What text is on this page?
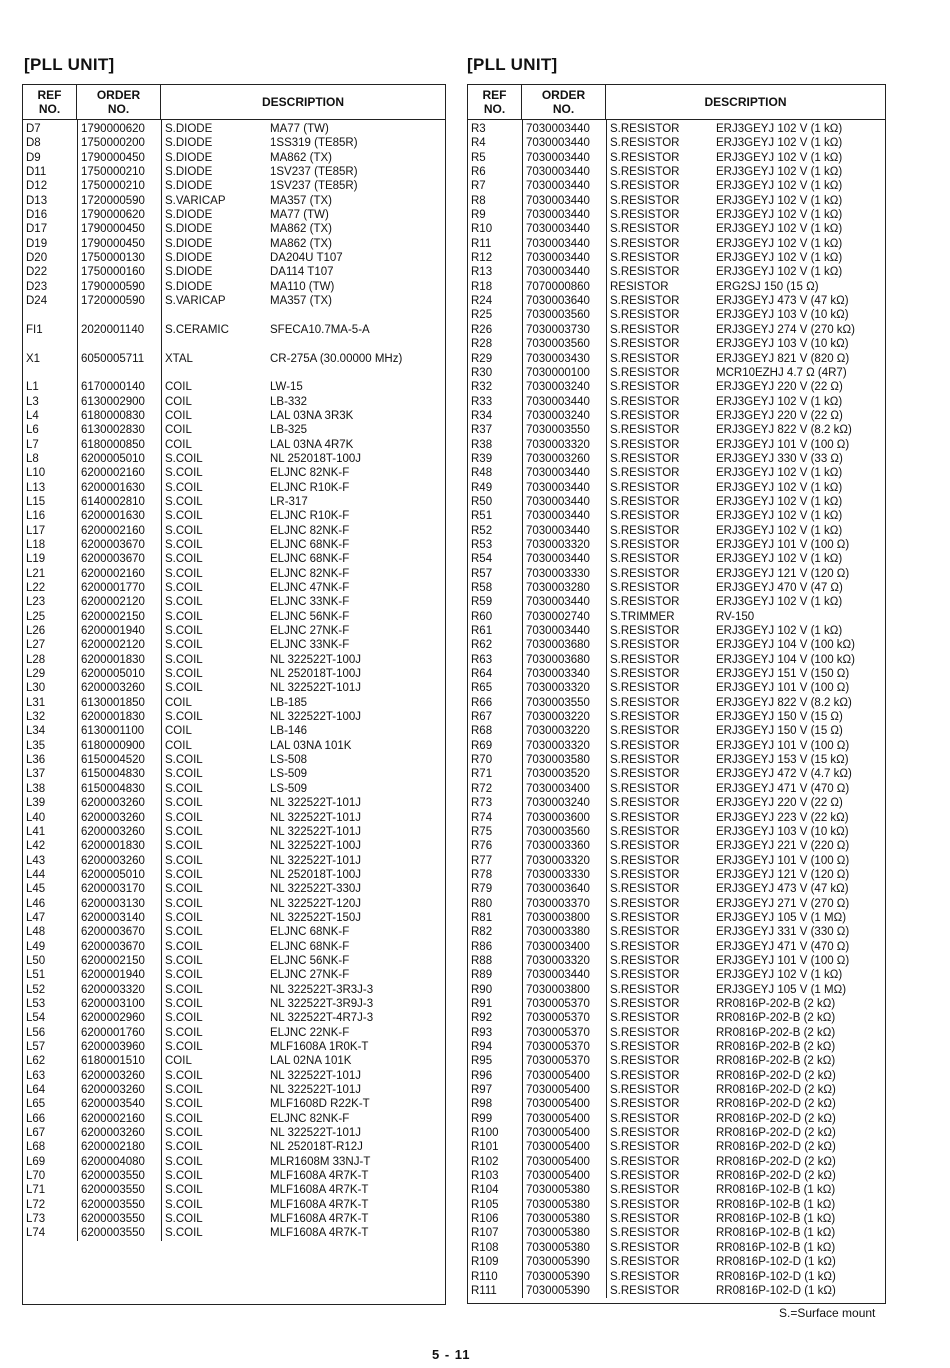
[PLL UNIT]	[PLL UNIT]
REF
NO.
ORDER
NO.	DESCRIPTION
D7	1790000620	S.DIODE	MA77 (TW)
D8	1750000200	S.DIODE	1SS319 (TE85R)
D9	1790000450	S.DIODE	MA862 (TX)
D11	1750000210	S.DIODE	1SV237 (TE85R)
D12	1750000210	S.DIODE	1SV237 (TE85R)
D13	1720000590	S.VARICAP	MA357 (TX)
D16	1790000620	S.DIODE	MA77 (TW)
D17	1790000450	S.DIODE	MA862 (TX)
D19	1790000450	S.DIODE	MA862 (TX)
D20	1750000130	S.DIODE	DA204U T107
D22	1750000160	S.DIODE	DA114 T107
D23	1790000590	S.DIODE	MA110 (TW)
D24	1720000590	S.VARICAP	MA357 (TX)
FI1	2020001140	S.CERAMIC	SFECA10.7MA-5-A
X1	6050005711	XTAL	CR-275A (30.00000 MHz)
L1	6170000140	COIL	LW-15
L3	6130002900	COIL	LB-332
L4	6180000830	COIL	LAL 03NA 3R3K
L6	6130002830	COIL	LB-325
L7	6180000850	COIL	LAL 03NA 4R7K
L8	6200005010	S.COIL	NL 252018T-100J
L10	6200002160	S.COIL	ELJNC 82NK-F
L13	6200001630	S.COIL	ELJNC R10K-F
L15	6140002810	S.COIL	LR-317
L16	6200001630	S.COIL	ELJNC R10K-F
L17	6200002160	S.COIL	ELJNC 82NK-F
L18	6200003670	S.COIL	ELJNC 68NK-F
L19	6200003670	S.COIL	ELJNC 68NK-F
L21	6200002160	S.COIL	ELJNC 82NK-F
L22	6200001770	S.COIL	ELJNC 47NK-F
L23	6200002120	S.COIL	ELJNC 33NK-F
L25	6200002150	S.COIL	ELJNC 56NK-F
L26	6200001940	S.COIL	ELJNC 27NK-F
L27	6200002120	S.COIL	ELJNC 33NK-F
L28	6200001830	S.COIL	NL 322522T-100J
L29	6200005010	S.COIL	NL 252018T-100J
L30	6200003260	S.COIL	NL 322522T-101J
L31	6130001850	COIL	LB-185
L32	6200001830	S.COIL	NL 322522T-100J
L34	6130001100	COIL	LB-146
L35	6180000900	COIL	LAL 03NA 101K
L36	6150004520	S.COIL	LS-508
L37	6150004830	S.COIL	LS-509
L38	6150004830	S.COIL	LS-509
L39	6200003260	S.COIL	NL 322522T-101J
L40	6200003260	S.COIL	NL 322522T-101J
L41	6200003260	S.COIL	NL 322522T-101J
L42	6200001830	S.COIL	NL 322522T-100J
L43	6200003260	S.COIL	NL 322522T-101J
L44	6200005010	S.COIL	NL 252018T-100J
L45	6200003170	S.COIL	NL 322522T-330J
L46	6200003130	S.COIL	NL 322522T-120J
L47	6200003140	S.COIL	NL 322522T-150J
L48	6200003670	S.COIL	ELJNC 68NK-F
L49	6200003670	S.COIL	ELJNC 68NK-F
L50	6200002150	S.COIL	ELJNC 56NK-F
L51	6200001940	S.COIL	ELJNC 27NK-F
L52	6200003320	S.COIL	NL 322522T-3R3J-3
L53	6200003100	S.COIL	NL 322522T-3R9J-3
L54	6200002960	S.COIL	NL 322522T-4R7J-3
L56	6200001760	S.COIL	ELJNC 22NK-F
L57	6200003960	S.COIL	MLF1608A 1R0K-T
L62	6180001510	COIL	LAL 02NA 101K
L63	6200003260	S.COIL	NL 322522T-101J
L64	6200003260	S.COIL	NL 322522T-101J
L65	6200003540	S.COIL	MLF1608D R22K-T
L66	6200002160	S.COIL	ELJNC 82NK-F
L67	6200003260	S.COIL	NL 322522T-101J
L68	6200002180	S.COIL	NL 252018T-R12J
L69	6200004080	S.COIL	MLR1608M 33NJ-T
L70	6200003550	S.COIL	MLF1608A 4R7K-T
L71	6200003550	S.COIL	MLF1608A 4R7K-T
L72	6200003550	S.COIL	MLF1608A 4R7K-T
L73	6200003550	S.COIL	MLF1608A 4R7K-T
L74	6200003550	S.COIL	MLF1608A 4R7K-T
REF
NO.
ORDER
NO.	DESCRIPTION
R3	7030003440	S.RESISTOR	ERJ3GEYJ 102 V (1 kΩ)
R4	7030003440	S.RESISTOR	ERJ3GEYJ 102 V (1 kΩ)
R5	7030003440	S.RESISTOR	ERJ3GEYJ 102 V (1 kΩ)
R6	7030003440	S.RESISTOR	ERJ3GEYJ 102 V (1 kΩ)
R7	7030003440	S.RESISTOR	ERJ3GEYJ 102 V (1 kΩ)
R8	7030003440	S.RESISTOR	ERJ3GEYJ 102 V (1 kΩ)
R9	7030003440	S.RESISTOR	ERJ3GEYJ 102 V (1 kΩ)
R10	7030003440	S.RESISTOR	ERJ3GEYJ 102 V (1 kΩ)
R11	7030003440	S.RESISTOR	ERJ3GEYJ 102 V (1 kΩ)
R12	7030003440	S.RESISTOR	ERJ3GEYJ 102 V (1 kΩ)
R13	7030003440	S.RESISTOR	ERJ3GEYJ 102 V (1 kΩ)
R18	7070000860	RESISTOR	ERG2SJ 150 (15 Ω)
R24	7030003640	S.RESISTOR	ERJ3GEYJ 473 V (47 kΩ)
R25	7030003560	S.RESISTOR	ERJ3GEYJ 103 V (10 kΩ)
R26	7030003730	S.RESISTOR	ERJ3GEYJ 274 V (270 kΩ)
R28	7030003560	S.RESISTOR	ERJ3GEYJ 103 V (10 kΩ)
R29	7030003430	S.RESISTOR	ERJ3GEYJ 821 V (820 Ω)
R30	7030000100	S.RESISTOR	MCR10EZHJ 4.7 Ω (4R7)
R32	7030003240	S.RESISTOR	ERJ3GEYJ 220 V (22 Ω)
R33	7030003440	S.RESISTOR	ERJ3GEYJ 102 V (1 kΩ)
R34	7030003240	S.RESISTOR	ERJ3GEYJ 220 V (22 Ω)
R37	7030003550	S.RESISTOR	ERJ3GEYJ 822 V (8.2 kΩ)
R38	7030003320	S.RESISTOR	ERJ3GEYJ 101 V (100 Ω)
R39	7030003260	S.RESISTOR	ERJ3GEYJ 330 V (33 Ω)
R48	7030003440	S.RESISTOR	ERJ3GEYJ 102 V (1 kΩ)
R49	7030003440	S.RESISTOR	ERJ3GEYJ 102 V (1 kΩ)
R50	7030003440	S.RESISTOR	ERJ3GEYJ 102 V (1 kΩ)
R51	7030003440	S.RESISTOR	ERJ3GEYJ 102 V (1 kΩ)
R52	7030003440	S.RESISTOR	ERJ3GEYJ 102 V (1 kΩ)
R53	7030003320	S.RESISTOR	ERJ3GEYJ 101 V (100 Ω)
R54	7030003440	S.RESISTOR	ERJ3GEYJ 102 V (1 kΩ)
R57	7030003330	S.RESISTOR	ERJ3GEYJ 121 V (120 Ω)
R58	7030003280	S.RESISTOR	ERJ3GEYJ 470 V (47 Ω)
R59	7030003440	S.RESISTOR	ERJ3GEYJ 102 V (1 kΩ)
R60	7030002740	S.TRIMMER	RV-150
R61	7030003440	S.RESISTOR	ERJ3GEYJ 102 V (1 kΩ)
R62	7030003680	S.RESISTOR	ERJ3GEYJ 104 V (100 kΩ)
R63	7030003680	S.RESISTOR	ERJ3GEYJ 104 V (100 kΩ)
R64	7030003340	S.RESISTOR	ERJ3GEYJ 151 V (150 Ω)
R65	7030003320	S.RESISTOR	ERJ3GEYJ 101 V (100 Ω)
R66	7030003550	S.RESISTOR	ERJ3GEYJ 822 V (8.2 kΩ)
R67	7030003220	S.RESISTOR	ERJ3GEYJ 150 V (15 Ω)
R68	7030003220	S.RESISTOR	ERJ3GEYJ 150 V (15 Ω)
R69	7030003320	S.RESISTOR	ERJ3GEYJ 101 V (100 Ω)
R70	7030003580	S.RESISTOR	ERJ3GEYJ 153 V (15 kΩ)
R71	7030003520	S.RESISTOR	ERJ3GEYJ 472 V (4.7 kΩ)
R72	7030003400	S.RESISTOR	ERJ3GEYJ 471 V (470 Ω)
R73	7030003240	S.RESISTOR	ERJ3GEYJ 220 V (22 Ω)
R74	7030003600	S.RESISTOR	ERJ3GEYJ 223 V (22 kΩ)
R75	7030003560	S.RESISTOR	ERJ3GEYJ 103 V (10 kΩ)
R76	7030003360	S.RESISTOR	ERJ3GEYJ 221 V (220 Ω)
R77	7030003320	S.RESISTOR	ERJ3GEYJ 101 V (100 Ω)
R78	7030003330	S.RESISTOR	ERJ3GEYJ 121 V (120 Ω)
R79	7030003640	S.RESISTOR	ERJ3GEYJ 473 V (47 kΩ)
R80	7030003370	S.RESISTOR	ERJ3GEYJ 271 V (270 Ω)
R81	7030003800	S.RESISTOR	ERJ3GEYJ 105 V (1 MΩ)
R82	7030003380	S.RESISTOR	ERJ3GEYJ 331 V (330 Ω)
R86	7030003400	S.RESISTOR	ERJ3GEYJ 471 V (470 Ω)
R88	7030003320	S.RESISTOR	ERJ3GEYJ 101 V (100 Ω)
R89	7030003440	S.RESISTOR	ERJ3GEYJ 102 V (1 kΩ)
R90	7030003800	S.RESISTOR	ERJ3GEYJ 105 V (1 MΩ)
R91	7030005370	S.RESISTOR	RR0816P-202-B (2 kΩ)
R92	7030005370	S.RESISTOR	RR0816P-202-B (2 kΩ)
R93	7030005370	S.RESISTOR	RR0816P-202-B (2 kΩ)
R94	7030005370	S.RESISTOR	RR0816P-202-B (2 kΩ)
R95	7030005370	S.RESISTOR	RR0816P-202-B (2 kΩ)
R96	7030005400	S.RESISTOR	RR0816P-202-D (2 kΩ)
R97	7030005400	S.RESISTOR	RR0816P-202-D (2 kΩ)
R98	7030005400	S.RESISTOR	RR0816P-202-D (2 kΩ)
R99	7030005400	S.RESISTOR	RR0816P-202-D (2 kΩ)
R100	7030005400	S.RESISTOR	RR0816P-202-D (2 kΩ)
R101	7030005400	S.RESISTOR	RR0816P-202-D (2 kΩ)
R102	7030005400	S.RESISTOR	RR0816P-202-D (2 kΩ)
R103	7030005400	S.RESISTOR	RR0816P-202-D (2 kΩ)
R104	7030005380	S.RESISTOR	RR0816P-102-B (1 kΩ)
R105	7030005380	S.RESISTOR	RR0816P-102-B (1 kΩ)
R106	7030005380	S.RESISTOR	RR0816P-102-B (1 kΩ)
R107	7030005380	S.RESISTOR	RR0816P-102-B (1 kΩ)
R108	7030005380	S.RESISTOR	RR0816P-102-B (1 kΩ)
R109	7030005390	S.RESISTOR	RR0816P-102-D (1 kΩ)
R110	7030005390	S.RESISTOR	RR0816P-102-D (1 kΩ)
R111	7030005390	S.RESISTOR	RR0816P-102-D (1 kΩ)
S.=Surface mount
5 - 11
